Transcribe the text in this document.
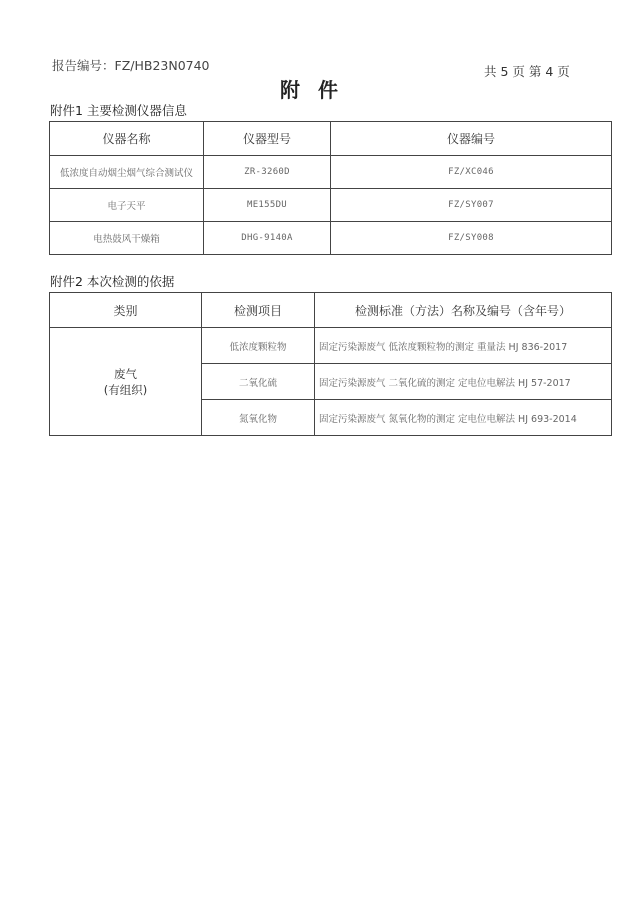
报告编号：FZ/HB23N0740	共 5 页 第 4 页
附件
附件1 主要检测仪器信息
仪器名称	仪器型号	仪器编号
低浓度自动烟尘烟气综合测试仪	ZR-3260D	FZ/XC046
电子天平	ME155DU	FZ/SY007
电热鼓风干燥箱	DHG-9140A	FZ/SY008
附件2 本次检测的依据
类别	检测项目	检测标准（方法）名称及编号（含年号）

废气
(有组织)	低浓度颗粒物	固定污染源废气 低浓度颗粒物的测定 重量法 HJ 836-2017
	二氧化硫	固定污染源废气 二氧化硫的测定 定电位电解法 HJ 57-2017
	氮氧化物	固定污染源废气 氮氧化物的测定 定电位电解法 HJ 693-2014
